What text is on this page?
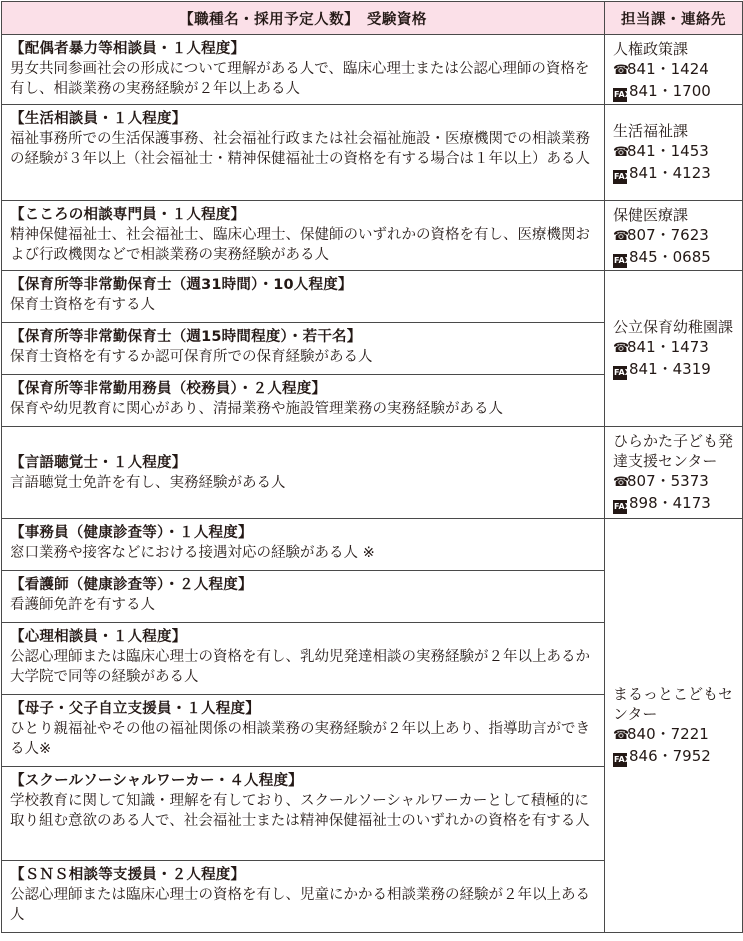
【職種名・採用予定人数】　受験資格	担当課・連絡先

【配偶者暴力等相談員・１人程度】
男女共同参画社会の形成について理解がある人で、臨床心理士または公認心理師の資格を有し、相談業務の実務経験が２年以上ある人	人権政策課
☎841・1424
FAX841・1700

【生活相談員・１人程度】
福祉事務所での生活保護事務、社会福祉行政または社会福祉施設・医療機関での相談業務の経験が３年以上（社会福祉士・精神保健福祉士の資格を有する場合は１年以上）ある人	生活福祉課
☎841・1453
FAX841・4123

【こころの相談専門員・１人程度】
精神保健福祉士、社会福祉士、臨床心理士、保健師のいずれかの資格を有し、医療機関および行政機関などで相談業務の実務経験がある人	保健医療課
☎807・7623
FAX845・0685

【保育所等非常勤保育士（週31時間）・10人程度】
保育士資格を有する人	公立保育幼稚園課
☎841・1473
FAX841・4319

【保育所等非常勤保育士（週15時間程度）・若干名】
保育士資格を有するか認可保育所での保育経験がある人	

【保育所等非常勤用務員（校務員）・２人程度】
保育や幼児教育に関心があり、清掃業務や施設管理業務の実務経験がある人	

【言語聴覚士・１人程度】
言語聴覚士免許を有し、実務経験がある人	ひらかた子ども発達支援センター
☎807・5373
FAX898・4173

【事務員（健康診査等）・１人程度】
窓口業務や接客などにおける接遇対応の経験がある人 ※	まるっとこどもセンター
☎840・7221
FAX846・7952

【看護師（健康診査等）・２人程度】
看護師免許を有する人	

【心理相談員・１人程度】
公認心理師または臨床心理士の資格を有し、乳幼児発達相談の実務経験が２年以上あるか大学院で同等の経験がある人	

【母子・父子自立支援員・１人程度】
ひとり親福祉やその他の福祉関係の相談業務の実務経験が２年以上あり、指導助言ができる人※	

【スクールソーシャルワーカー・４人程度】
学校教育に関して知識・理解を有しており、スクールソーシャルワーカーとして積極的に取り組む意欲のある人で、社会福祉士または精神保健福祉士のいずれかの資格を有する人	

【ＳＮＳ相談等支援員・２人程度】
公認心理師または臨床心理士の資格を有し、児童にかかる相談業務の経験が２年以上ある人	
